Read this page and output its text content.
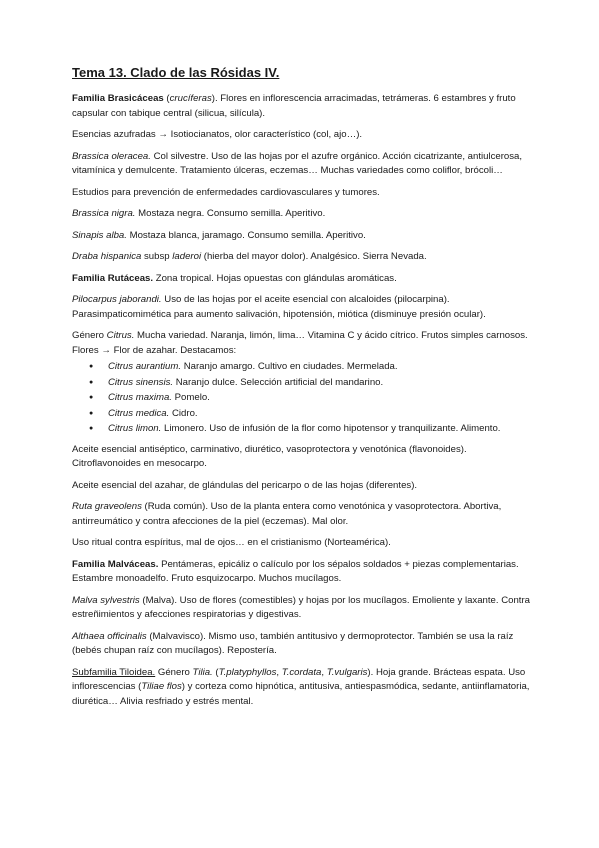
Tema 13. Clado de las Rósidas IV.

Familia Brasicáceas (crucíferas). Flores en inflorescencia arracimadas, tetrámeras. 6 estambres y fruto capsular con tabique central (silicua, silícula).

Esencias azufradas → Isotiocianatos, olor característico (col, ajo…).

Brassica oleracea. Col silvestre. Uso de las hojas por el azufre orgánico. Acción cicatrizante, antiulcerosa, vitamínica y demulcente. Tratamiento úlceras, eczemas… Muchas variedades como coliflor, brócoli…

Estudios para prevención de enfermedades cardiovasculares y tumores.

Brassica nigra. Mostaza negra. Consumo semilla. Aperitivo.

Sinapis alba. Mostaza blanca, jaramago. Consumo semilla. Aperitivo.

Draba hispanica subsp laderoi (hierba del mayor dolor). Analgésico. Sierra Nevada.

Familia Rutáceas. Zona tropical. Hojas opuestas con glándulas aromáticas.

Pilocarpus jaborandi. Uso de las hojas por el aceite esencial con alcaloides (pilocarpina). Parasimpaticomimética para aumento salivación, hipotensión, miótica (disminuye presión ocular).

Género Citrus. Mucha variedad. Naranja, limón, lima… Vitamina C y ácido cítrico. Frutos simples carnosos. Flores → Flor de azahar. Destacamos:

● Citrus aurantium. Naranjo amargo. Cultivo en ciudades. Mermelada.
● Citrus sinensis. Naranjo dulce. Selección artificial del mandarino.
● Citrus maxima. Pomelo.
● Citrus medica. Cidro.
● Citrus limon. Limonero. Uso de infusión de la flor como hipotensor y tranquilizante. Alimento.

Aceite esencial antiséptico, carminativo, diurético, vasoprotectora y venotónica (flavonoides). Citroflavonoides en mesocarpo.

Aceite esencial del azahar, de glándulas del pericarpo o de las hojas (diferentes).

Ruta graveolens (Ruda común). Uso de la planta entera como venotónica y vasoprotectora. Abortiva, antirreumático y contra afecciones de la piel (eczemas). Mal olor.

Uso ritual contra espíritus, mal de ojos… en el cristianismo (Norteamérica).

Familia Malváceas. Pentámeras, epicáliz o calículo por los sépalos soldados + piezas complementarias. Estambre monoadelfo. Fruto esquizocarpo. Muchos mucílagos.

Malva sylvestris (Malva). Uso de flores (comestibles) y hojas por los mucílagos. Emoliente y laxante. Contra estreñimientos y afecciones respiratorias y digestivas.

Althaea officinalis (Malvavisco). Mismo uso, también antitusivo y dermoprotector. También se usa la raíz (bebés chupan raíz con mucílagos). Repostería.

Subfamilia Tiloidea. Género Tilia. (T.platyphyllos, T.cordata, T.vulgaris). Hoja grande. Brácteas espata. Uso inflorescencias (Tiliae flos) y corteza como hipnótica, antitusiva, antiespasmódica, sedante, antiinflamatoria, diurética… Alivia resfriado y estrés mental.
